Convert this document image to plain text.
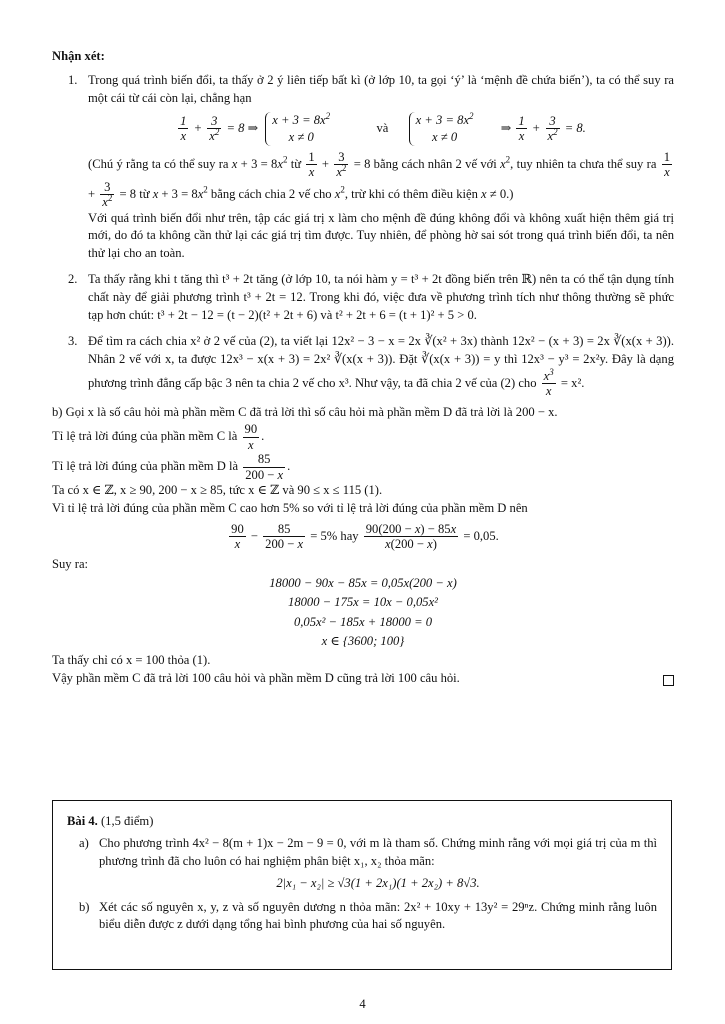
Nhận xét:

1. Trong quá trình biến đổi, ta thấy ở 2 ý liên tiếp bất kì (ở lớp 10, ta gọi ‘ý’ là ‘mệnh đề chứa biến’), ta có thể suy ra một cái từ cái còn lại, chẳng hạn
$\frac{1}{x} + \frac{3}{x^2} = 8$ ⇒ $x + 3 = 8x^2$
x ≠ 0  và  $x + 3 = 8x^2$
x ≠ 0 ⇒ $\frac{1}{x} + \frac{3}{x^2} = 8$.
(Chú ý rằng ta có thể suy ra $x + 3 = 8x^2$ từ $\frac{1}{x} + \frac{3}{x^2} = 8$ bằng cách nhân 2 vế với $x^2$, tuy nhiên ta chưa thể suy ra $\frac{1}{x}$
+ $\frac{3}{x^2} = 8$ từ $x + 3 = 8x^2$ bằng cách chia 2 vế cho $x^2$, trừ khi có thêm điều kiện x ≠ 0.)
Với quá trình biến đổi như trên, tập các giá trị x làm cho mệnh đề đúng không đổi và không xuất hiện thêm giá trị mới, do đó ta không cần thử lại các giá trị tìm được. Tuy nhiên, để phòng hờ sai sót trong quá trình biến đổi, ta nên thử lại cho an toàn.
2. Ta thấy rằng khi t tăng thì t³ + 2t tăng (ở lớp 10, ta nói hàm y = t³ + 2t đồng biến trên ℝ) nên ta có thể tận dụng tính chất này để giải phương trình t³ + 2t = 12. Trong khi đó, việc đưa về phương trình tích như thông thường sẽ phức tạp hơn chút: t³ + 2t − 12 = (t − 2)(t² + 2t + 6) và t² + 2t + 6 = (t + 1)² + 5 > 0.
3. Để tìm ra cách chia x² ở 2 vế của (2), ta viết lại 12x² − 3 − x = 2x ∛(x² + 3x) thành 12x² − (x + 3) = 2x ∛(x(x + 3)). Nhân 2 vế với x, ta được 12x³ − x(x + 3) = 2x² ∛(x(x + 3)). Đặt ∛(x(x + 3)) = y thì 12x³ − y³ = 2x²y. Đây là dạng phương trình đẳng cấp bậc 3 nên ta chia 2 vế cho x³. Như vậy, ta đã chia 2 vế của (2) cho $\frac{x^3}{x} = x^2$.
b) Gọi x là số câu hỏi mà phần mềm C đã trả lời thì số câu hỏi mà phần mềm D đã trả lời là 200 − x.
Tỉ lệ trả lời đúng của phần mềm C là $\frac{90}{x}$ .
Tỉ lệ trả lời đúng của phần mềm D là $\frac{85}{200 - x}$ .
Ta có x ∈ ℤ, x ≥ 90, 200 − x ≥ 85, tức x ∈ ℤ và 90 ≤ x ≤ 115 (1).
Vì tỉ lệ trả lời đúng của phần mềm C cao hơn 5% so với tỉ lệ trả lời đúng của phần mềm D nên
$\frac{90}{x} - \frac{85}{200 - x} = 5\%$ hay $\frac{90(200 - x) - 85x}{x(200 - x)} = 0,05$.
Suy ra:
18000 − 90x − 85x = 0,05x(200 − x)
18000 − 175x = 10x − 0,05x²
0,05x² − 185x + 18000 = 0
x ∈ {3600; 100}
Ta thấy chỉ có x = 100 thỏa (1).
Vậy phần mềm C đã trả lời 100 câu hỏi và phần mềm D cũng trả lời 100 câu hỏi.

Bài 4. (1,5 điểm)

a) Cho phương trình 4x² − 8(m + 1)x − 2m − 9 = 0, với m là tham số. Chứng minh rằng với mọi giá trị của m thì phương trình đã cho luôn có hai nghiệm phân biệt x₁, x₂ thỏa mãn:
2|x₁ − x₂| ≥ √3(1 + 2x₁)(1 + 2x₂) + 8√3.
b) Xét các số nguyên x, y, z và số nguyên dương n thỏa mãn: 2x² + 10xy + 13y² = 29ⁿz. Chứng minh rằng luôn biểu diễn được z dưới dạng tổng hai bình phương của hai số nguyên.
4
